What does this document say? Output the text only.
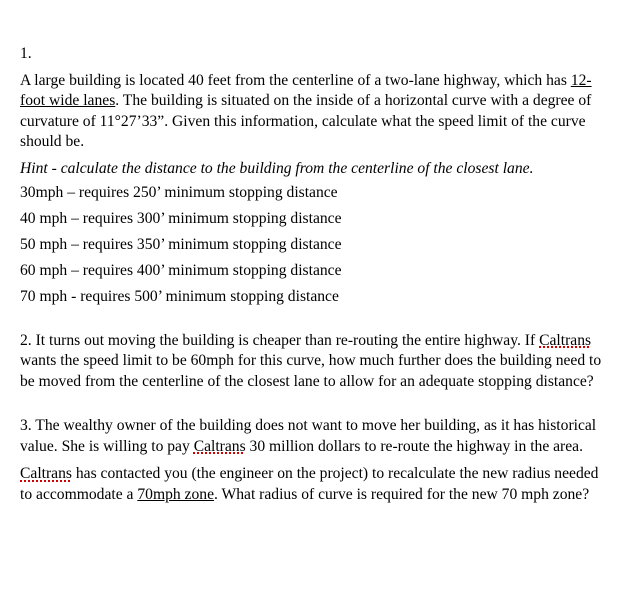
1.

A large building is located 40 feet from the centerline of a two-lane highway, which has 12-foot wide lanes. The building is situated on the inside of a horizontal curve with a degree of curvature of 11°27’33”. Given this information, calculate what the speed limit of the curve should be.

Hint - calculate the distance to the building from the centerline of the closest lane.

30mph – requires 250’ minimum stopping distance

40 mph – requires 300’ minimum stopping distance

50 mph – requires 350’ minimum stopping distance

60 mph – requires 400’ minimum stopping distance

70 mph - requires 500’ minimum stopping distance

2. It turns out moving the building is cheaper than re-routing the entire highway. If Caltrans wants the speed limit to be 60mph for this curve, how much further does the building need to be moved from the centerline of the closest lane to allow for an adequate stopping distance?

3. The wealthy owner of the building does not want to move her building, as it has historical value. She is willing to pay Caltrans 30 million dollars to re-route the highway in the area.

Caltrans has contacted you (the engineer on the project) to recalculate the new radius needed to accommodate a 70mph zone. What radius of curve is required for the new 70 mph zone?
